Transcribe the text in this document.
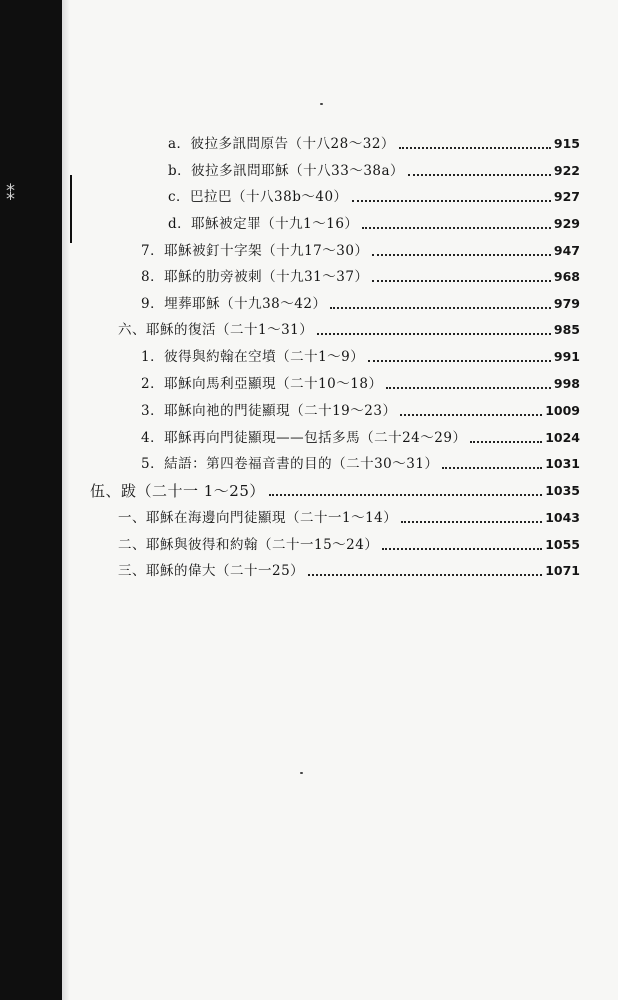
⁑
a．彼拉多訊問原告（十八28～32）	915
b．彼拉多訊問耶穌（十八33～38a）	922
c．巴拉巴（十八38b～40）	927
d．耶穌被定罪（十九1～16）	929
7．耶穌被釘十字架（十九17～30）	947
8．耶穌的肋旁被刺（十九31～37）	968
9．埋葬耶穌（十九38～42）	979
六、耶穌的復活（二十1～31）	985
1．彼得與約翰在空墳（二十1～9）	991
2．耶穌向馬利亞顯現（二十10～18）	998
3．耶穌向祂的門徒顯現（二十19～23）	1009
4．耶穌再向門徒顯現——包括多馬（二十24～29）	1024
5．結語：第四卷福音書的目的（二十30～31）	1031
伍、跋（二十一 1～25）	1035
一、耶穌在海邊向門徒顯現（二十一1～14）	1043
二、耶穌與彼得和約翰（二十一15～24）	1055
三、耶穌的偉大（二十一25）	1071
